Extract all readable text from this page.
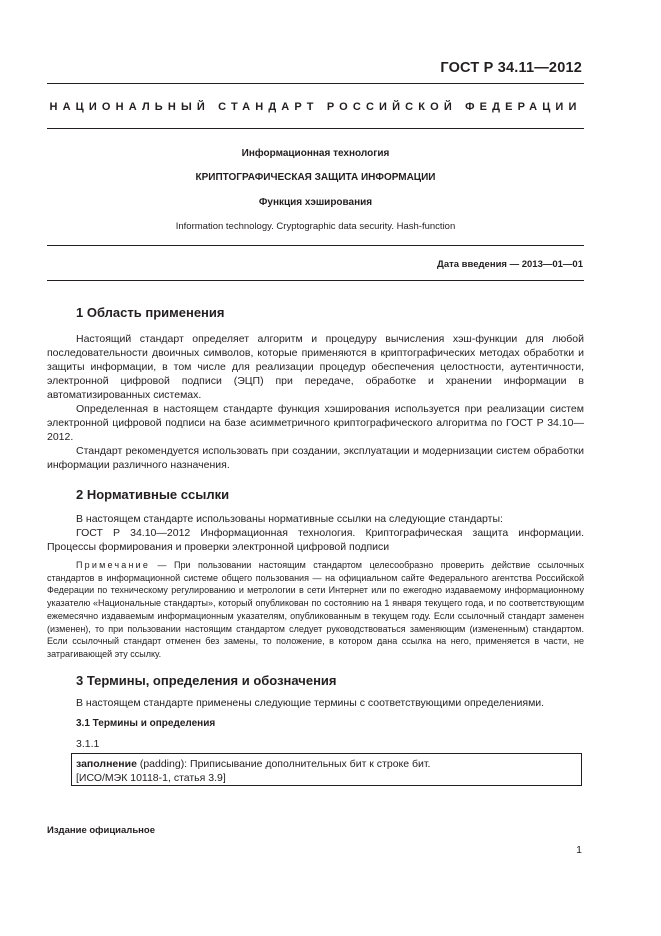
ГОСТ Р 34.11—2012
НАЦИОНАЛЬНЫЙ СТАНДАРТ РОССИЙСКОЙ ФЕДЕРАЦИИ
Информационная технология
КРИПТОГРАФИЧЕСКАЯ ЗАЩИТА ИНФОРМАЦИИ
Функция хэширования
Information technology. Cryptographic data security. Hash-function
Дата введения — 2013—01—01
1 Область применения

Настоящий стандарт определяет алгоритм и процедуру вычисления хэш-функции для любой последовательности двоичных символов, которые применяются в криптографических методах обработки и защиты информации, в том числе для реализации процедур обеспечения целостности, аутентичности, электронной цифровой подписи (ЭЦП) при передаче, обработке и хранении информации в автоматизированных системах.

Определенная в настоящем стандарте функция хэширования используется при реализации систем электронной цифровой подписи на базе асимметричного криптографического алгоритма по ГОСТ Р 34.10—2012.

Стандарт рекомендуется использовать при создании, эксплуатации и модернизации систем обработки информации различного назначения.

2 Нормативные ссылки

В настоящем стандарте использованы нормативные ссылки на следующие стандарты:

ГОСТ Р 34.10—2012 Информационная технология. Криптографическая защита информации. Процессы формирования и проверки электронной цифровой подписи

Примечание — При пользовании настоящим стандартом целесообразно проверить действие ссылочных стандартов в информационной системе общего пользования — на официальном сайте Федерального агентства Российской Федерации по техническому регулированию и метрологии в сети Интернет или по ежегодно издаваемому информационному указателю «Национальные стандарты», который опубликован по состоянию на 1 января текущего года, и по соответствующим ежемесячно издаваемым информационным указателям, опубликованным в текущем году. Если ссылочный стандарт заменен (изменен), то при пользовании настоящим стандартом следует руководствоваться заменяющим (измененным) стандартом. Если ссылочный стандарт отменен без замены, то положение, в котором дана ссылка на него, применяется в части, не затрагивающей эту ссылку.

3 Термины, определения и обозначения

В настоящем стандарте применены следующие термины с соответствующими определениями.

3.1 Термины и определения
3.1.1
заполнение (padding): Приписывание дополнительных бит к строке бит.
[ИСО/МЭК 10118-1, статья 3.9]
Издание официальное
1
